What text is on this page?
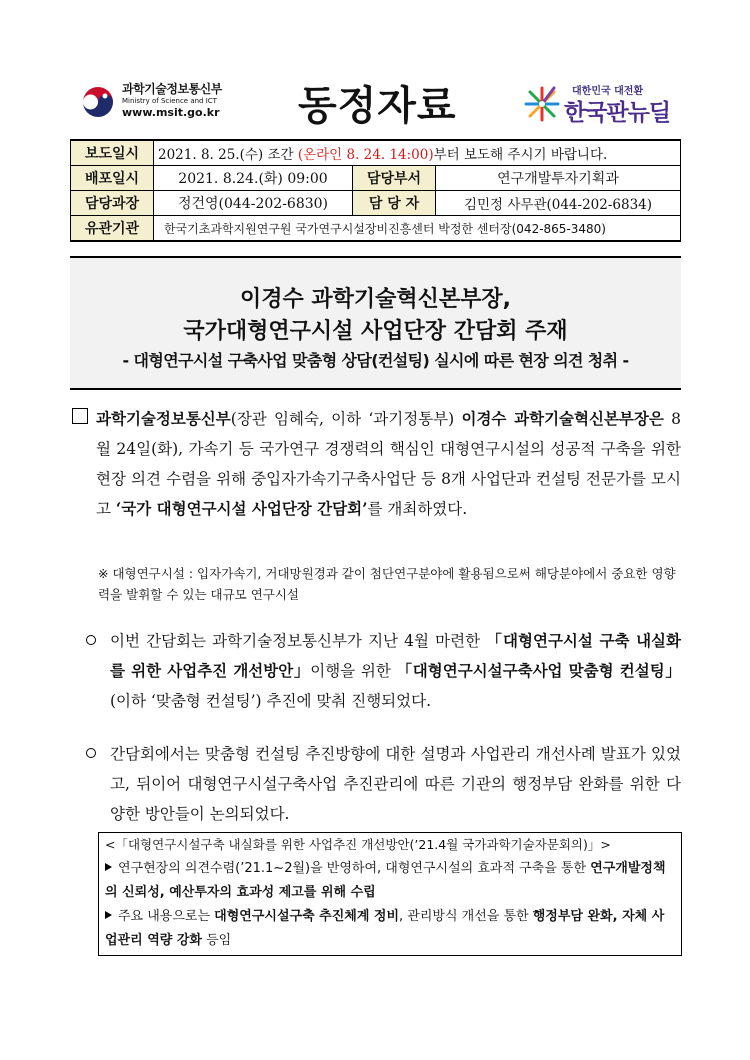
과학기술정보통신부
Ministry of Science and ICT
www.msit.go.kr 동정자료	대한민국 대전환
한국판뉴딜
보도일시	2021. 8. 25.(수) 조간 (온라인 8. 24. 14:00)부터 보도해 주시기 바랍니다.		
배포일시	2021. 8.24.(화) 09:00	담당부서	연구개발투자기획과
담당과장	정건영(044-202-6830)	담 당 자	김민정 사무관(044-202-6834)
유관기관	한국기초과학지원연구원 국가연구시설장비진흥센터 박정한 센터장(042-865-3480)		
이경수 과학기술혁신본부장,
국가대형연구시설 사업단장 간담회 주재
- 대형연구시설 구축사업 맞춤형 상담(컨설팅) 실시에 따른 현장 의견 청취 -
과학기술정보통신부(장관 임혜숙, 이하 ‘과기정통부) 이경수 과학기술혁신본부장은 8월 24일(화), 가속기 등 국가연구 경쟁력의 핵심인 대형연구시설의 성공적 구축을 위한 현장 의견 수렴을 위해 중입자가속기구축사업단 등 8개 사업단과 컨설팅 전문가를 모시고 ‘국가 대형연구시설 사업단장 간담회’를 개최하였다.
※ 대형연구시설 : 입자가속기, 거대망원경과 같이 첨단연구분야에 활용됨으로써 해당분야에서 중요한 영향력을 발휘할 수 있는 대규모 연구시설
이번 간담회는 과학기술정보통신부가 지난 4월 마련한 「대형연구시설 구축 내실화를 위한 사업추진 개선방안」이행을 위한 「대형연구시설구축사업 맞춤형 컨설팅」(이하 ‘맞춤형 컨설팅’) 추진에 맞춰 진행되었다.
간담회에서는 맞춤형 컨설팅 추진방향에 대한 설명과 사업관리 개선사례 발표가 있었고, 뒤이어 대형연구시설구축사업 추진관리에 따른 기관의 행정부담 완화를 위한 다양한 방안들이 논의되었다.
<「대형연구시설구축 내실화를 위한 사업추진 개선방안(’21.4월 국가과학기술자문회의)」>
연구현장의 의견수렴(’21.1∼2월)을 반영하여, 대형연구시설의 효과적 구축을 통한 연구개발정책의 신뢰성, 예산투자의 효과성 제고를 위해 수립
주요 내용으로는 대형연구시설구축 추진체계 정비, 관리방식 개선을 통한 행정부담 완화, 자체 사업관리 역량 강화 등임
